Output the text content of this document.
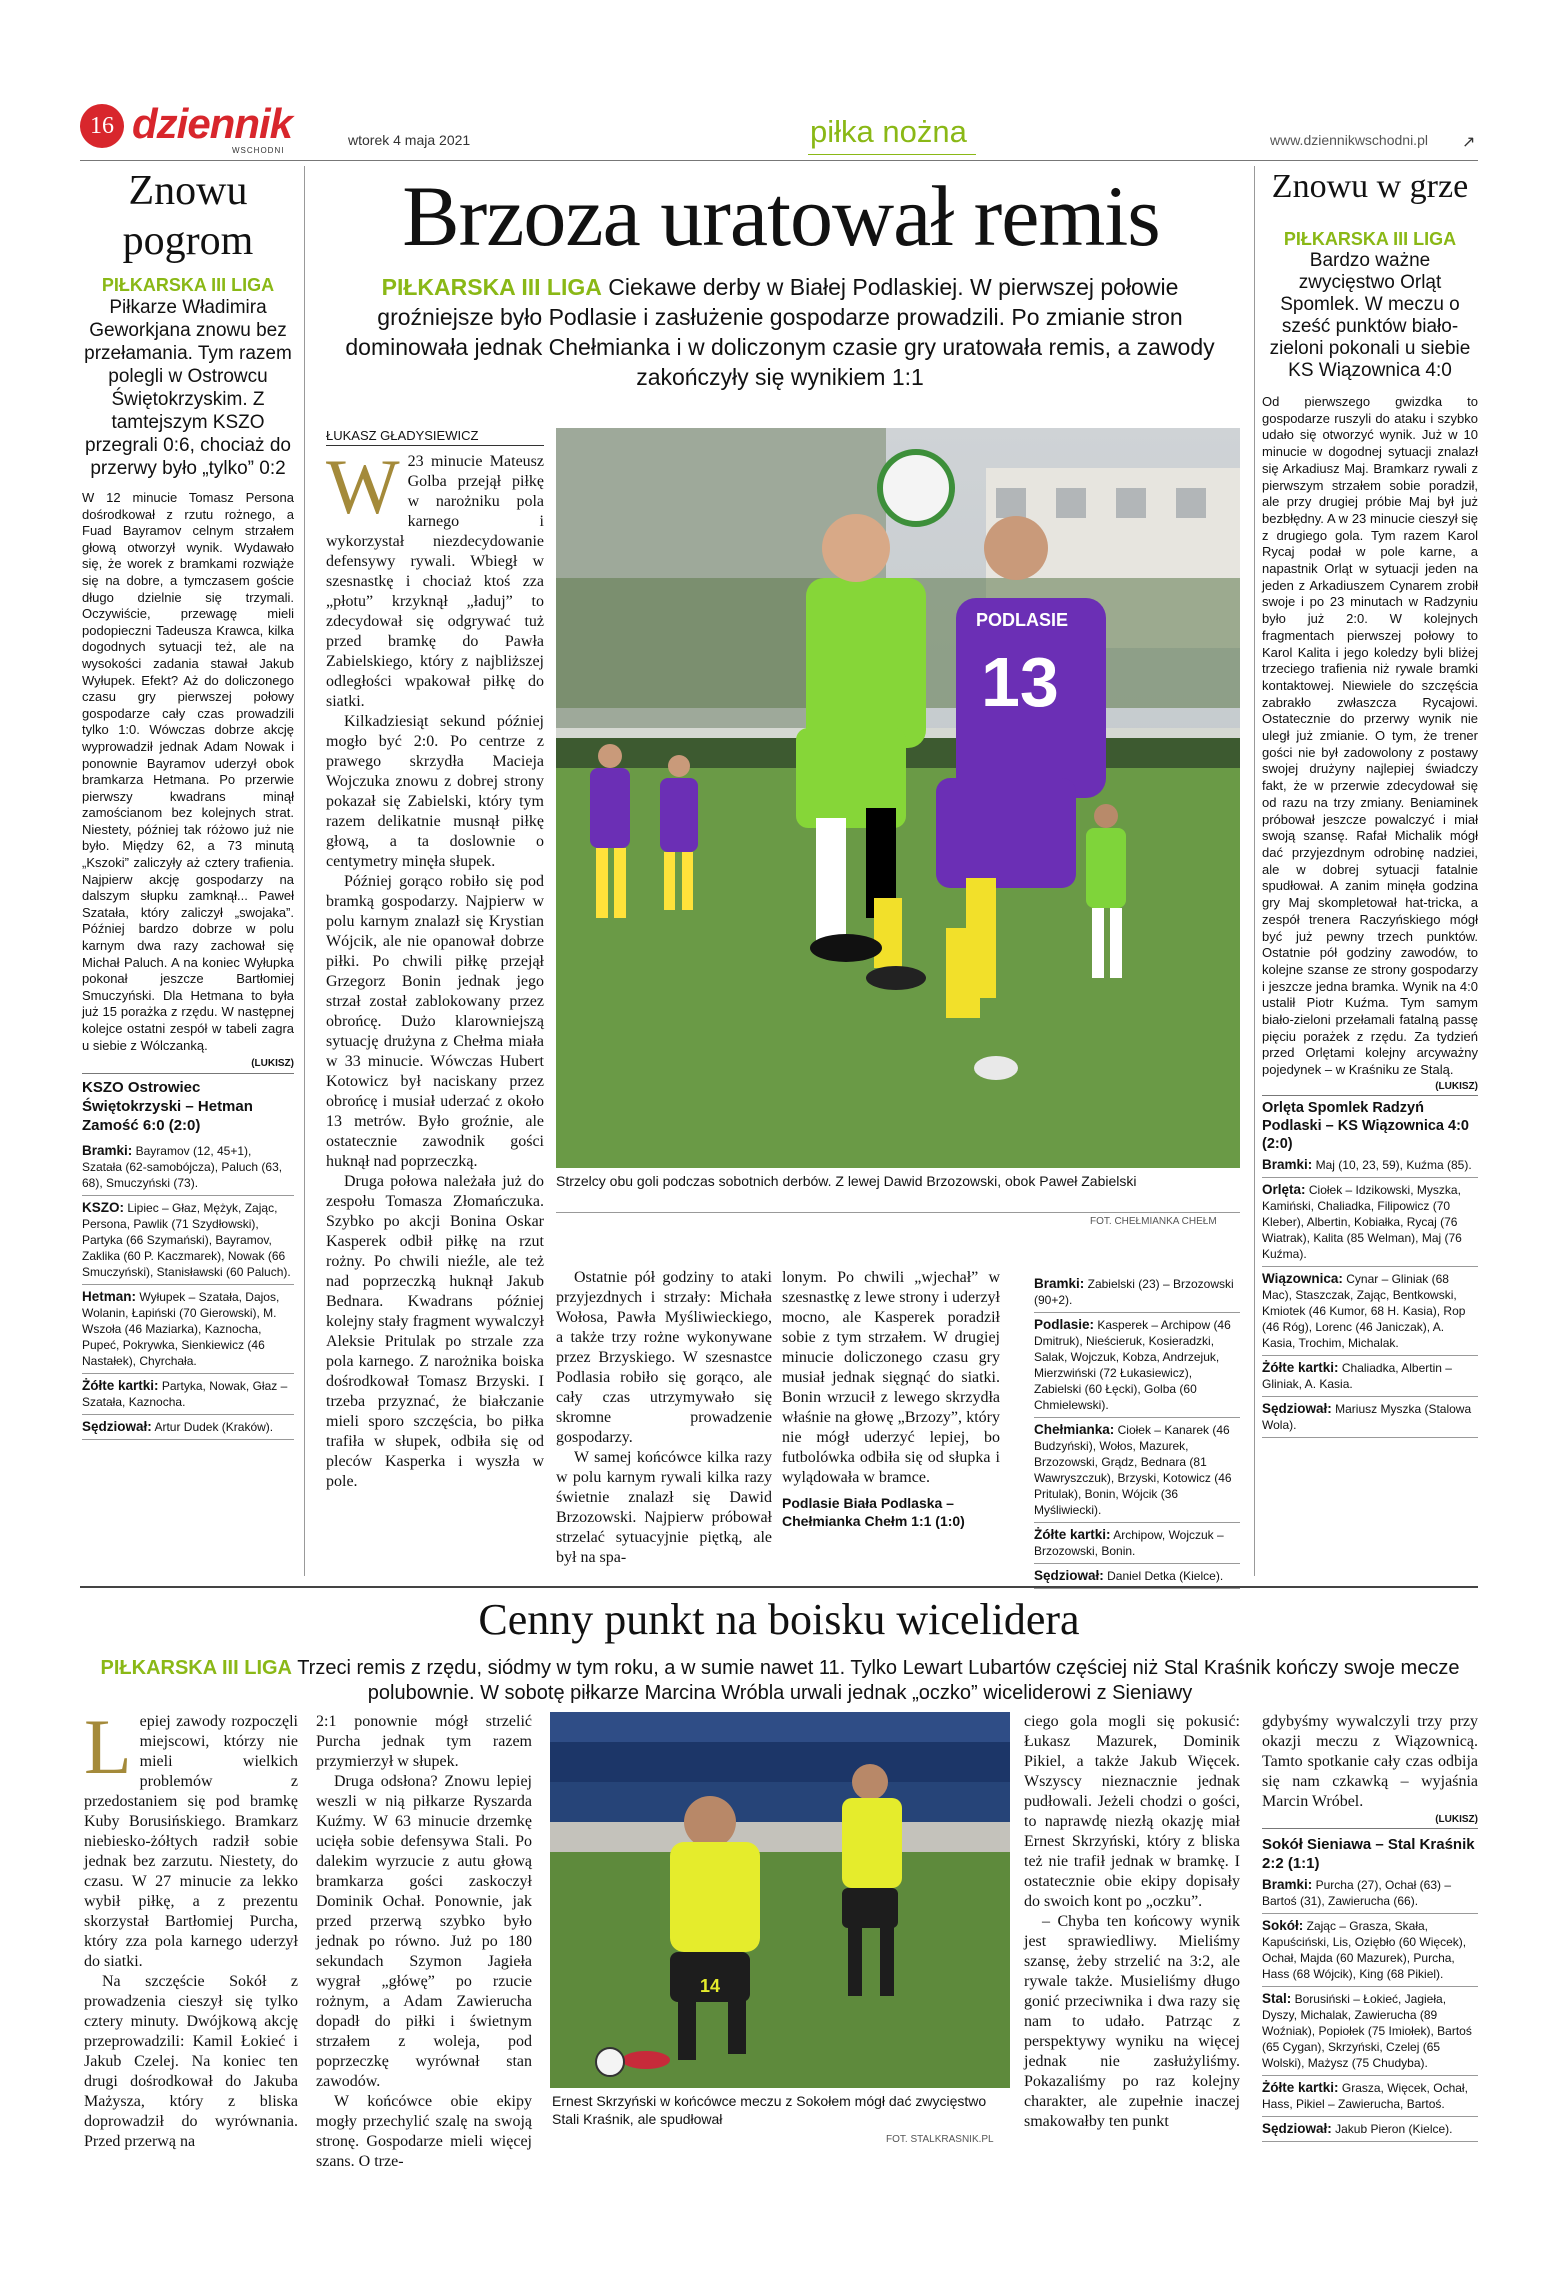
16 dziennik
WSCHODNI
wtorek 4 maja 2021	piłka nożna	www.dziennikwschodni.pl ↗
Znowu pogrom
PIŁKARSKA III LIGA
Piłkarze Władimira Geworkjana znowu bez przełamania. Tym razem polegli w Ostrowcu Świętokrzyskim. Z tamtejszym KSZO przegrali 0:6, chociaż do przerwy było „tylko” 0:2
W 12 minucie Tomasz Persona dośrodkował z rzutu rożnego, a Fuad Bayramov celnym strzałem głową otworzył wynik. Wydawało się, że worek z bramkami rozwiąże się na dobre, a tymczasem goście długo dzielnie się trzymali. Oczywiście, przewagę mieli podopieczni Tadeusza Krawca, kilka dogodnych sytuacji też, ale na wysokości zadania stawał Jakub Wyłupek. Efekt? Aż do doliczonego czasu gry pierwszej połowy gospodarze cały czas prowadzili tylko 1:0. Wówczas dobrze akcję wyprowadził jednak Adam Nowak i ponownie Bayramov uderzył obok bramkarza Hetmana. Po przerwie pierwszy kwadrans minął zamościanom bez kolejnych strat. Niestety, później tak różowo już nie było. Między 62, a 73 minutą „Kszoki” zaliczyły aż cztery trafienia. Najpierw akcję gospodarzy na dalszym słupku zamknął... Paweł Szatała, który zaliczył „swojaka”. Później bardzo dobrze w polu karnym dwa razy zachował się Michał Paluch. A na koniec Wyłupka pokonał jeszcze Bartłomiej Smuczyński. Dla Hetmana to była już 15 porażka z rzędu. W następnej kolejce ostatni zespół w tabeli zagra u siebie z Wólczanką.
(LUKISZ)
KSZO Ostrowiec Świętokrzyski – Hetman Zamość 6:0 (2:0)

Bramki: Bayramov (12, 45+1), Szatała (62-samobójcza), Paluch (63, 68), Smuczyński (73).

KSZO: Lipiec – Głaz, Mężyk, Zając, Persona, Pawlik (71 Szydłowski), Partyka (66 Szymański), Bayramov, Zaklika (60 P. Kaczmarek), Nowak (66 Smuczyński), Stanisławski (60 Paluch).

Hetman: Wyłupek – Szatała, Dajos, Wolanin, Łapiński (70 Gierowski), M. Wszoła (46 Maziarka), Kaznocha, Pupeć, Pokrywka, Sienkiewicz (46 Nastałek), Chyrchała.

Żółte kartki: Partyka, Nowak, Głaz – Szatała, Kaznocha.

Sędziował: Artur Dudek (Kraków).

Brzoza uratował remis
PIŁKARSKA III LIGA Ciekawe derby w Białej Podlaskiej. W pierwszej połowie groźniejsze było Podlasie i zasłużenie gospodarze prowadzili. Po zmianie stron dominowała jednak Chełmianka i w doliczonym czasie gry uratowała remis, a zawody zakończyły się wynikiem 1:1
ŁUKASZ GŁADYSIEWICZ
W 23 minucie Mateusz Golba przejął piłkę w narożniku pola karnego i wykorzystał niezdecydowanie defensywy rywali. Wbiegł w szesnastkę i chociaż ktoś zza „płotu” krzyknął „ładuj” to zdecydował się odgrywać tuż przed bramkę do Pawła Zabielskiego, który z najbliższej odległości wpakował piłkę do siatki.

Kilkadziesiąt sekund później mogło być 2:0. Po centrze z prawego skrzydła Macieja Wojczuka znowu z dobrej strony pokazał się Zabielski, który tym razem delikatnie musnął piłkę głową, a ta doslownie o centymetry minęła słupek.

Później gorąco robiło się pod bramką gospodarzy. Najpierw w polu karnym znalazł się Krystian Wójcik, ale nie opanował dobrze piłki. Po chwili piłkę przejął Grzegorz Bonin jednak jego strzał został zablokowany przez obrońcę. Dużo klarowniejszą sytuację drużyna z Chełma miała w 33 minucie. Wówczas Hubert Kotowicz był naciskany przez obrońcę i musiał uderzać z około 13 metrów. Było groźnie, ale ostatecznie zawodnik gości huknął nad poprzeczką.

Druga połowa należała już do zespołu Tomasza Złomańczuka. Szybko po akcji Bonina Oskar Kasperek odbił piłkę na rzut rożny. Po chwili nieźle, ale też nad poprzeczką huknął Jakub Bednara. Kwadrans później kolejny stały fragment wywalczył Aleksie Pritulak po strzale zza pola karnego. Z narożnika boiska dośrodkował Tomasz Brzyski. I trzeba przyznać, że białczanie mieli sporo szczęścia, bo piłka trafiła w słupek, odbiła się od pleców Kasperka i wyszła w pole.

PODLASIE
13
Strzelcy obu goli podczas sobotnich derbów. Z lewej Dawid Brzozowski, obok Paweł Zabielski
FOT. CHEŁMIANKA CHEŁM

Ostatnie pół godziny to ataki przyjezdnych i strzały: Michała Wołosa, Pawła Myśliwieckiego, a także trzy rożne wykonywane przez Brzyskiego. W szesnastce Podlasia robiło się gorąco, ale cały czas utrzymywało się skromne prowadzenie gospodarzy.

W samej końcówce kilka razy w polu karnym rywali kilka razy świetnie znalazł się Dawid Brzozowski. Najpierw próbował strzelać sytuacyjnie piętką, ale był na spa-

lonym. Po chwili „wjechał” w szesnastkę z lewe strony i uderzył mocno, ale Kasperek poradził sobie z tym strzałem. W drugiej minucie doliczonego czasu gry musiał jednak sięgnąć do siatki. Bonin wrzucił z lewego skrzydła właśnie na głowę „Brzozy”, który nie mógł uderzyć lepiej, bo futbolówka odbiła się od słupka i wylądowała w bramce.

Podlasie Biała Podlaska – Chełmianka Chełm 1:1 (1:0)

Bramki: Zabielski (23) – Brzozowski (90+2).

Podlasie: Kasperek – Archipow (46 Dmitruk), Nieścieruk, Kosieradzki, Salak, Wojczuk, Kobza, Andrzejuk, Mierzwiński (72 Łukasiewicz), Zabielski (60 Łęcki), Golba (60 Chmielewski).

Chełmianka: Ciołek – Kanarek (46 Budzyński), Wołos, Mazurek, Brzozowski, Grądz, Bednara (81 Wawryszczuk), Brzyski, Kotowicz (46 Pritulak), Bonin, Wójcik (36 Myśliwiecki).

Żółte kartki: Archipow, Wojczuk – Brzozowski, Bonin.

Sędziował: Daniel Detka (Kielce).

Znowu w grze
PIŁKARSKA III LIGA
Bardzo ważne zwycięstwo Orląt Spomlek. W meczu o sześć punktów biało-zieloni pokonali u siebie KS Wiązownica 4:0
Od pierwszego gwizdka to gospodarze ruszyli do ataku i szybko udało się otworzyć wynik. Już w 10 minucie w dogodnej sytuacji znalazł się Arkadiusz Maj. Bramkarz rywali z pierwszym strzałem sobie poradził, ale przy drugiej próbie Maj był już bezbłędny. A w 23 minucie cieszył się z drugiego gola. Tym razem Karol Rycaj podał w pole karne, a napastnik Orląt w sytuacji jeden na jeden z Arkadiuszem Cynarem zrobił swoje i po 23 minutach w Radzyniu było już 2:0. W kolejnych fragmentach pierwszej połowy to Karol Kalita i jego koledzy byli bliżej trzeciego trafienia niż rywale bramki kontaktowej. Niewiele do szczęścia zabrakło zwłaszcza Rycajowi. Ostatecznie do przerwy wynik nie uległ już zmianie. O tym, że trener gości nie był zadowolony z postawy swojej drużyny najlepiej świadczy fakt, że w przerwie zdecydował się od razu na trzy zmiany. Beniaminek próbował jeszcze powalczyć i miał swoją szansę. Rafał Michalik mógł dać przyjezdnym odrobinę nadziei, ale w dobrej sytuacji fatalnie spudłował. A zanim minęła godzina gry Maj skompletował hat-tricka, a zespół trenera Raczyńskiego mógł być już pewny trzech punktów. Ostatnie pół godziny zawodów, to kolejne szanse ze strony gospodarzy i jeszcze jedna bramka. Wynik na 4:0 ustalił Piotr Kuźma. Tym samym biało-zieloni przełamali fatalną passę pięciu porażek z rzędu. Za tydzień przed Orlętami kolejny arcyważny pojedynek – w Kraśniku ze Stalą.
(LUKISZ)
Orlęta Spomlek Radzyń Podlaski – KS Wiązownica 4:0 (2:0)

Bramki: Maj (10, 23, 59), Kuźma (85).

Orlęta: Ciołek – Idzikowski, Myszka, Kamiński, Chaliadka, Filipowicz (70 Kleber), Albertin, Kobiałka, Rycaj (76 Wiatrak), Kalita (85 Welman), Maj (76 Kuźma).

Wiązownica: Cynar – Gliniak (68 Mac), Staszczak, Zając, Bentkowski, Kmiotek (46 Kumor, 68 H. Kasia), Rop (46 Róg), Lorenc (46 Janiczak), A. Kasia, Trochim, Michalak.

Żółte kartki: Chaliadka, Albertin – Gliniak, A. Kasia.

Sędziował: Mariusz Myszka (Stalowa Wola).

Cenny punkt na boisku wicelidera
PIŁKARSKA III LIGA Trzeci remis z rzędu, siódmy w tym roku, a w sumie nawet 11. Tylko Lewart Lubartów częściej niż Stal Kraśnik kończy swoje mecze polubownie. W sobotę piłkarze Marcina Wróbla urwali jednak „oczko” wiceliderowi z Sieniawy
L epiej zawody rozpoczęli miejscowi, którzy nie mieli wielkich problemów z przedostaniem się pod bramkę Kuby Borusińskiego. Bramkarz niebiesko-żółtych radził sobie jednak bez zarzutu. Niestety, do czasu. W 27 minucie za lekko wybił piłkę, a z prezentu skorzystał Bartłomiej Purcha, który zza pola karnego uderzył do siatki.

Na szczęście Sokół z prowadzenia cieszył się tylko cztery minuty. Dwójkową akcję przeprowadzili: Kamil Łokieć i Jakub Czelej. Na koniec ten drugi dośrodkował do Jakuba Mażysza, który z bliska doprowadził do wyrównania. Przed przerwą na

2:1 ponownie mógł strzelić Purcha jednak tym razem przymierzył w słupek.

Druga odsłona? Znowu lepiej weszli w nią piłkarze Ryszarda Kuźmy. W 63 minucie drzemkę ucięła sobie defensywa Stali. Po dalekim wyrzucie z autu głową bramkarza gości zaskoczył Dominik Ochał. Ponownie, jak przed przerwą szybko było jednak po równo. Już po 180 sekundach Szymon Jagieła wygrał „główę” po rzucie rożnym, a Adam Zawierucha dopadł do piłki i świetnym strzałem z woleja, pod poprzeczkę wyrównał stan zawodów.

W końcówce obie ekipy mogły przechylić szalę na swoją stronę. Gospodarze mieli więcej szans. O trze-

14
Ernest Skrzyński w końcówce meczu z Sokołem mógł dać zwycięstwo Stali Kraśnik, ale spudłował
FOT. STALKRASNIK.PL

ciego gola mogli się pokusić: Łukasz Mazurek, Dominik Pikiel, a także Jakub Więcek. Wszyscy nieznacznie jednak pudłowali. Jeżeli chodzi o gości, to naprawdę niezłą okazję miał Ernest Skrzyński, który z bliska też nie trafił jednak w bramkę. I ostatecznie obie ekipy dopisały do swoich kont po „oczku”.

– Chyba ten końcowy wynik jest sprawiedliwy. Mieliśmy szansę, żeby strzelić na 3:2, ale rywale także. Musieliśmy długo gonić przeciwnika i dwa razy się nam to udało. Patrząc z perspektywy wyniku na więcej jednak nie zasłużyliśmy. Pokazaliśmy po raz kolejny charakter, ale zupełnie inaczej smakowałby ten punkt

gdybyśmy wywalczyli trzy przy okazji meczu z Wiązownicą. Tamto spotkanie cały czas odbija się nam czkawką – wyjaśnia Marcin Wróbel.

(LUKISZ)
Sokół Sieniawa – Stal Kraśnik 2:2 (1:1)

Bramki: Purcha (27), Ochał (63) – Bartoś (31), Zawierucha (66).

Sokół: Zając – Grasza, Skała, Kapuściński, Lis, Oziębło (60 Więcek), Ochał, Majda (60 Mazurek), Purcha, Hass (68 Wójcik), King (68 Pikiel).

Stal: Borusiński – Łokieć, Jagieła, Dyszy, Michalak, Zawierucha (89 Woźniak), Popiołek (75 Imiołek), Bartoś (65 Cygan), Skrzyński, Czelej (65 Wolski), Mażysz (75 Chudyba).

Żółte kartki: Grasza, Więcek, Ochał, Hass, Pikiel – Zawierucha, Bartoś.

Sędziował: Jakub Pieron (Kielce).
